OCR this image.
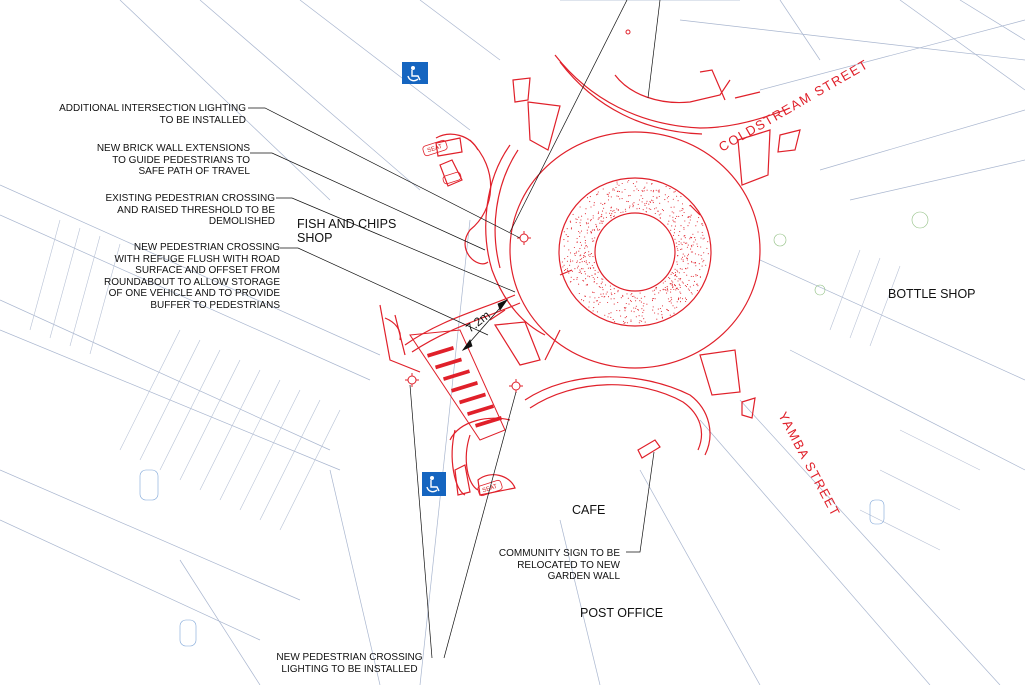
SEAT
SEAT
7.2m
COLDSTREAM STREET
YAMBA STREET
ADDITIONAL INTERSECTION LIGHTING
TO BE INSTALLED
NEW BRICK WALL EXTENSIONS
TO GUIDE PEDESTRIANS TO
SAFE PATH OF TRAVEL
EXISTING PEDESTRIAN CROSSING
AND RAISED THRESHOLD TO BE
DEMOLISHED
NEW PEDESTRIAN CROSSING
WITH REFUGE FLUSH WITH ROAD
SURFACE AND OFFSET FROM
ROUNDABOUT TO ALLOW STORAGE
OF ONE VEHICLE AND TO PROVIDE
BUFFER TO PEDESTRIANS
COMMUNITY SIGN TO BE
RELOCATED TO NEW
GARDEN WALL
NEW PEDESTRIAN CROSSING
LIGHTING TO BE INSTALLED
FISH AND CHIPS
SHOP
BOTTLE SHOP
CAFE
POST OFFICE
